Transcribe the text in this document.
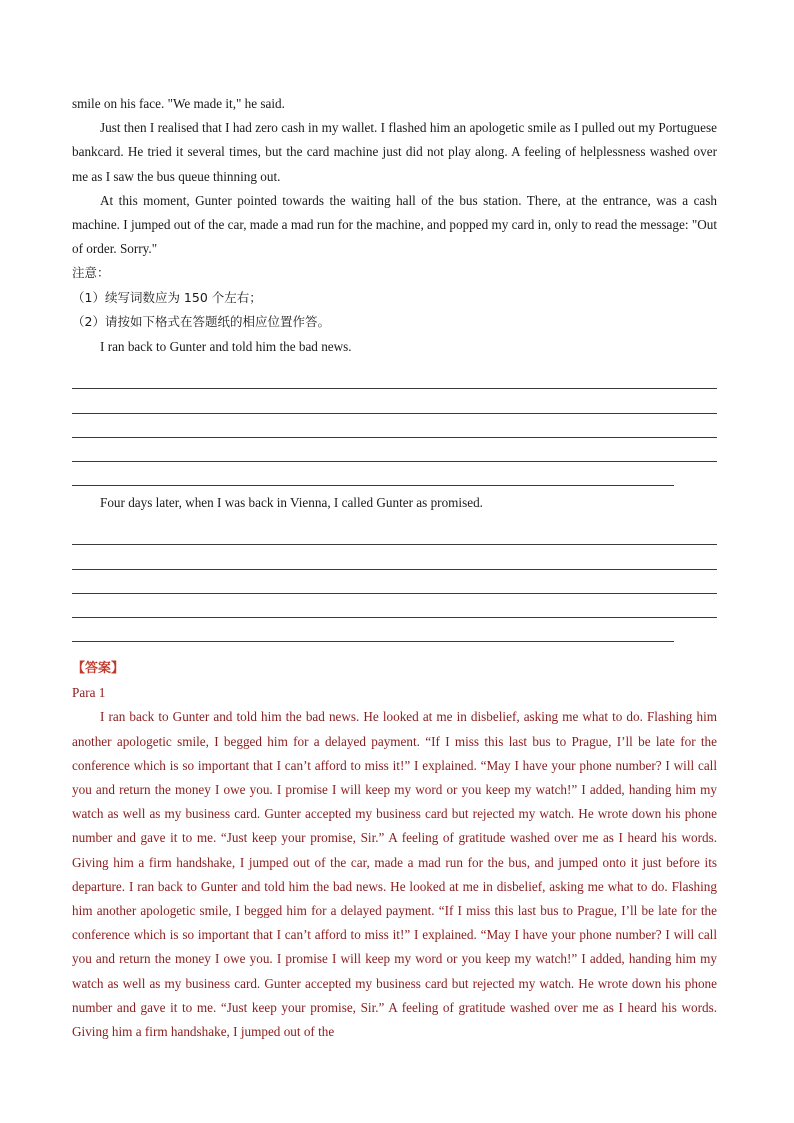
smile on his face. "We made it," he said.

Just then I realised that I had zero cash in my wallet. I flashed him an apologetic smile as I pulled out my Portuguese bankcard. He tried it several times, but the card machine just did not play along. A feeling of helplessness washed over me as I saw the bus queue thinning out.

At this moment, Gunter pointed towards the waiting hall of the bus station. There, at the entrance, was a cash machine. I jumped out of the car, made a mad run for the machine, and popped my card in, only to read the message: "Out of order. Sorry."

注意：

（1）续写词数应为 150 个左右；

（2）请按如下格式在答题纸的相应位置作答。

I ran back to Gunter and told him the bad news.

Four days later, when I was back in Vienna, I called Gunter as promised.

【答案】

Para 1

I ran back to Gunter and told him the bad news. He looked at me in disbelief, asking me what to do. Flashing him another apologetic smile, I begged him for a delayed payment. “If I miss this last bus to Prague, I’ll be late for the conference which is so important that I can’t afford to miss it!” I explained. “May I have your phone number? I will call you and return the money I owe you. I promise I will keep my word or you keep my watch!” I added, handing him my watch as well as my business card. Gunter accepted my business card but rejected my watch. He wrote down his phone number and gave it to me. “Just keep your promise, Sir.” A feeling of gratitude washed over me as I heard his words. Giving him a firm handshake, I jumped out of the car, made a mad run for the bus, and jumped onto it just before its departure. I ran back to Gunter and told him the bad news. He looked at me in disbelief, asking me what to do. Flashing him another apologetic smile, I begged him for a delayed payment. “If I miss this last bus to Prague, I’ll be late for the conference which is so important that I can’t afford to miss it!” I explained. “May I have your phone number? I will call you and return the money I owe you. I promise I will keep my word or you keep my watch!” I added, handing him my watch as well as my business card. Gunter accepted my business card but rejected my watch. He wrote down his phone number and gave it to me. “Just keep your promise, Sir.” A feeling of gratitude washed over me as I heard his words. Giving him a firm handshake, I jumped out of the
